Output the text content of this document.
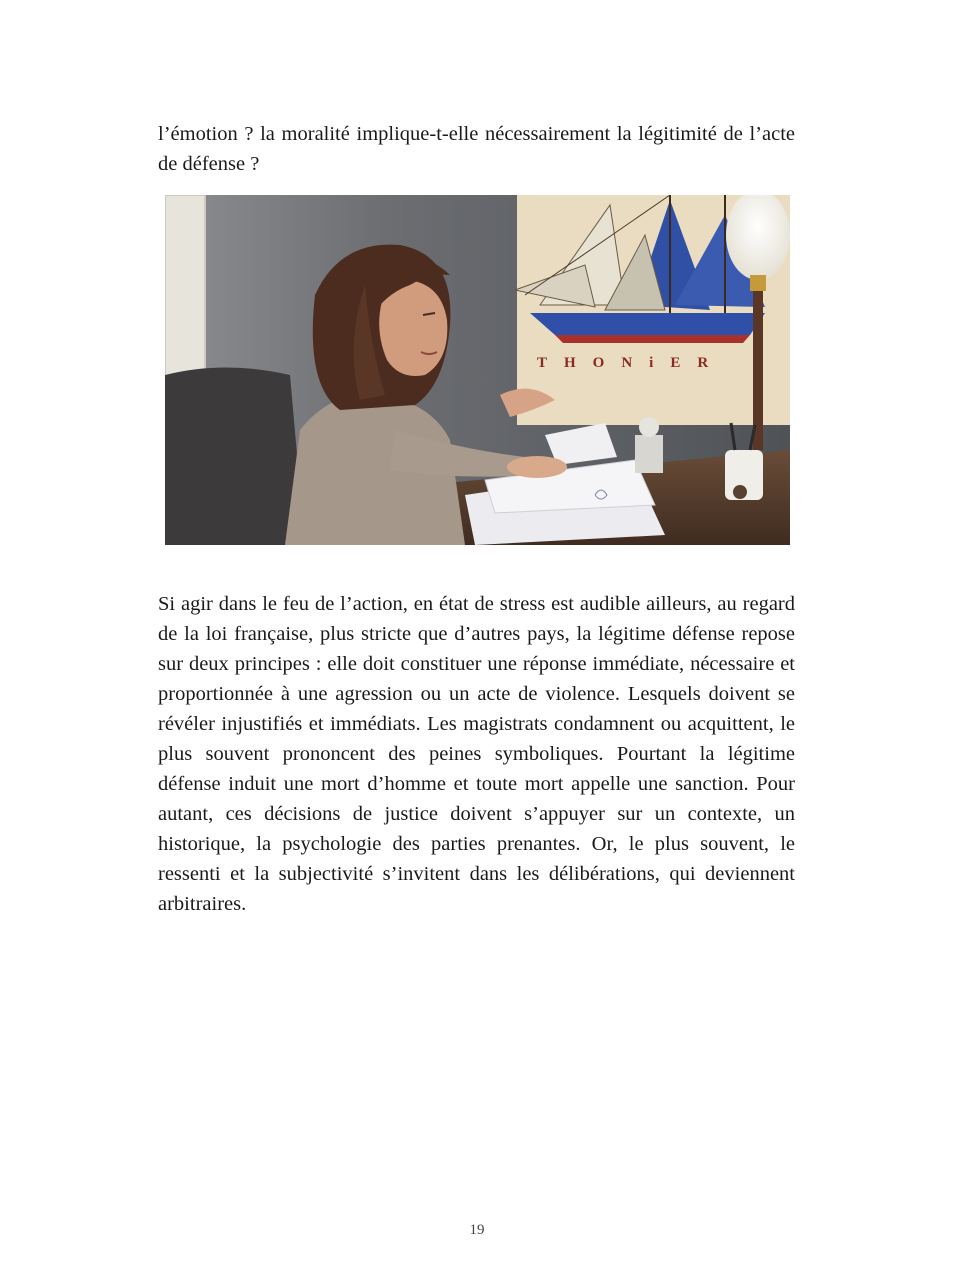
l’émotion ? la moralité implique-t-elle nécessairement la légitimité de l’acte de défense ?

THONiER

Si agir dans le feu de l’action, en état de stress est audible ailleurs, au regard de la loi française, plus stricte que d’autres pays, la légitime défense repose sur deux principes : elle doit constituer une réponse immédiate, nécessaire et proportionnée à une agression ou un acte de violence. Lesquels doivent se révéler injustifiés et immédiats. Les magistrats condamnent ou acquittent, le plus souvent prononcent des peines symboliques. Pourtant la légitime défense induit une mort d’homme et toute mort appelle une sanction. Pour autant, ces décisions de justice doivent s’appuyer sur un contexte, un historique, la psychologie des parties prenantes. Or, le plus souvent, le ressenti et la subjectivité s’invitent dans les délibérations, qui deviennent arbitraires.

19
